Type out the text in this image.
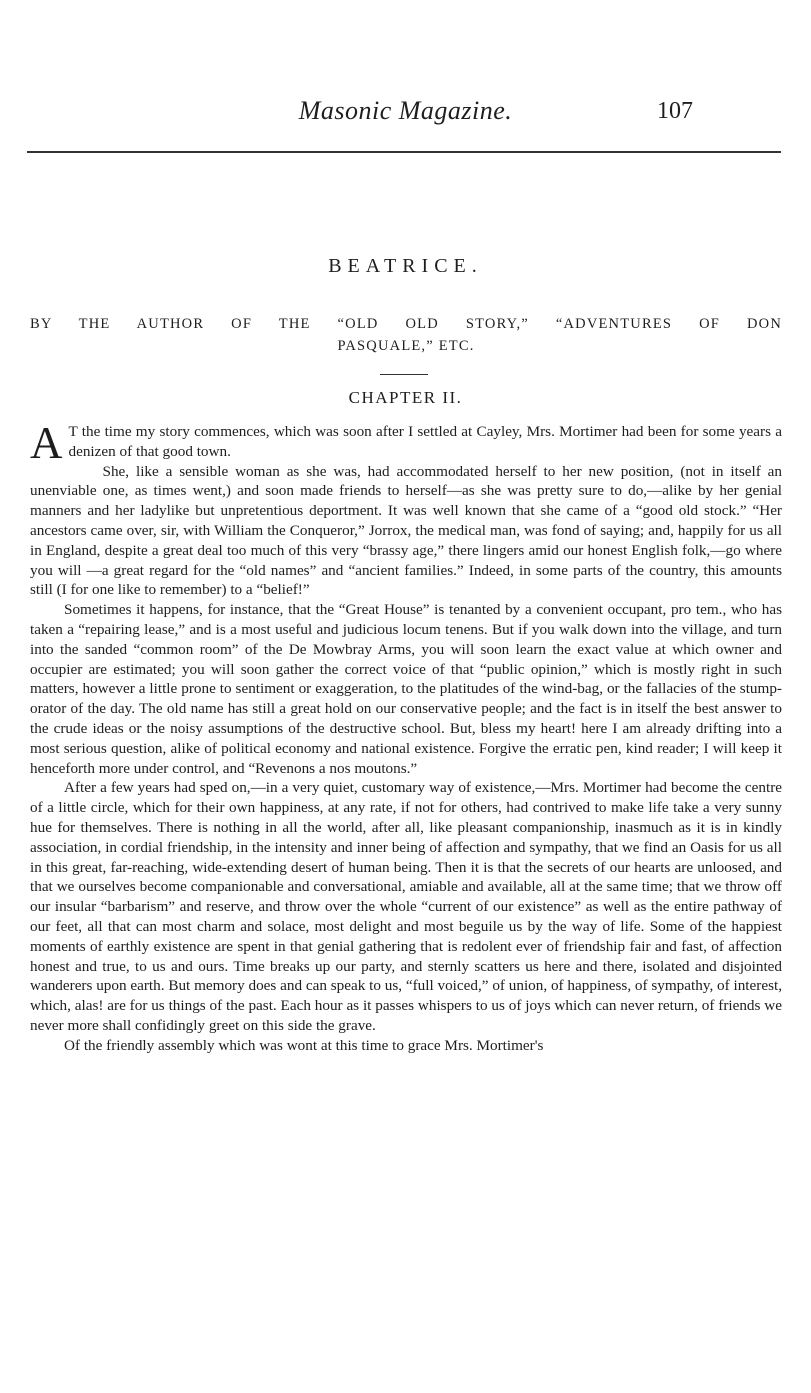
Masonic Magazine.	107
BEATRICE.
BY THE AUTHOR OF THE “OLD OLD STORY,” “ADVENTURES OF DON
PASQUALE,” ETC.
CHAPTER II.

A T the time my story commences, which was soon after I settled at Cayley, Mrs. Mortimer had been for some years a denizen of that good town.

She, like a sensible woman as she was, had accommodated herself to her new position, (not in itself an unenviable one, as times went,) and soon made friends to herself—as she was pretty sure to do,—alike by her genial manners and her ladylike but unpretentious deportment. It was well known that she came of a “good old stock.” “Her ancestors came over, sir, with William the Conqueror,” Jorrox, the medical man, was fond of saying; and, happily for us all in England, despite a great deal too much of this very “brassy age,” there lingers amid our honest English folk,—go where you will —a great regard for the “old names” and “ancient families.” Indeed, in some parts of the country, this amounts still (I for one like to remember) to a “belief!”

Sometimes it happens, for instance, that the “Great House” is tenanted by a convenient occupant, pro tem., who has taken a “repairing lease,” and is a most useful and judicious locum tenens. But if you walk down into the village, and turn into the sanded “common room” of the De Mowbray Arms, you will soon learn the exact value at which owner and occupier are estimated; you will soon gather the correct voice of that “public opinion,” which is mostly right in such matters, however a little prone to sentiment or exaggeration, to the platitudes of the wind-bag, or the fallacies of the stump-orator of the day. The old name has still a great hold on our conservative people; and the fact is in itself the best answer to the crude ideas or the noisy assumptions of the destructive school. But, bless my heart! here I am already drifting into a most serious question, alike of political economy and national existence. Forgive the erratic pen, kind reader; I will keep it henceforth more under control, and “Revenons a nos moutons.”

After a few years had sped on,—in a very quiet, customary way of existence,—Mrs. Mortimer had become the centre of a little circle, which for their own happiness, at any rate, if not for others, had contrived to make life take a very sunny hue for themselves. There is nothing in all the world, after all, like pleasant companionship, inasmuch as it is in kindly association, in cordial friendship, in the intensity and inner being of affection and sympathy, that we find an Oasis for us all in this great, far-reaching, wide-extending desert of human being. Then it is that the secrets of our hearts are unloosed, and that we ourselves become companionable and conversational, amiable and available, all at the same time; that we throw off our insular “barbarism” and reserve, and throw over the whole “current of our existence” as well as the entire pathway of our feet, all that can most charm and solace, most delight and most beguile us by the way of life. Some of the happiest moments of earthly existence are spent in that genial gathering that is redolent ever of friendship fair and fast, of affection honest and true, to us and ours. Time breaks up our party, and sternly scatters us here and there, isolated and disjointed wanderers upon earth. But memory does and can speak to us, “full voiced,” of union, of happiness, of sympathy, of interest, which, alas! are for us things of the past. Each hour as it passes whispers to us of joys which can never return, of friends we never more shall confidingly greet on this side the grave.

Of the friendly assembly which was wont at this time to grace Mrs. Mortimer's
